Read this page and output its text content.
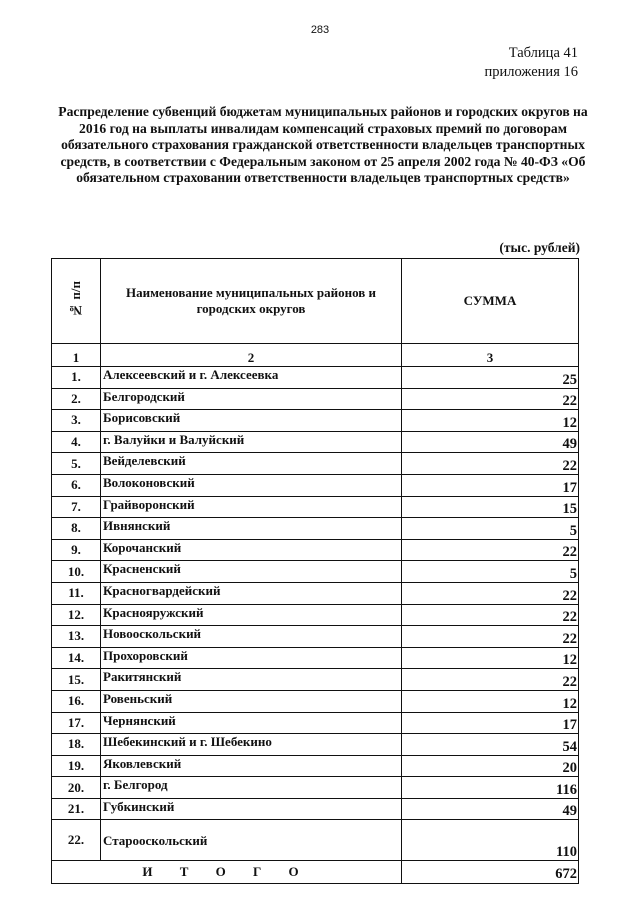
283
Таблица 41
приложения 16
Распределение субвенций бюджетам муниципальных районов и городских округов на 2016 год на выплаты инвалидам компенсаций страховых премий по договорам обязательного страхования гражданской ответственности владельцев транспортных средств, в соответствии с Федеральным законом от 25 апреля 2002 года № 40-ФЗ «Об обязательном страховании ответственности владельцев транспортных средств»
(тыс. рублей)
№ п/п	Наименование муниципальных районов и городских округов	СУММА
1	2	3
1.	Алексеевский и г. Алексеевка	25
2.	Белгородский	22
3.	Борисовский	12
4.	г. Валуйки и Валуйский	49
5.	Вейделевский	22
6.	Волоконовский	17
7.	Грайворонский	15
8.	Ивнянский	5
9.	Корочанский	22
10.	Красненский	5
11.	Красногвардейский	22
12.	Краснояружский	22
13.	Новооскольский	22
14.	Прохоровский	12
15.	Ракитянский	22
16.	Ровеньский	12
17.	Чернянский	17
18.	Шебекинский и г. Шебекино	54
19.	Яковлевский	20
20.	г. Белгород	116
21.	Губкинский	49
22.	Старооскольский	110
И Т О Г О		672
